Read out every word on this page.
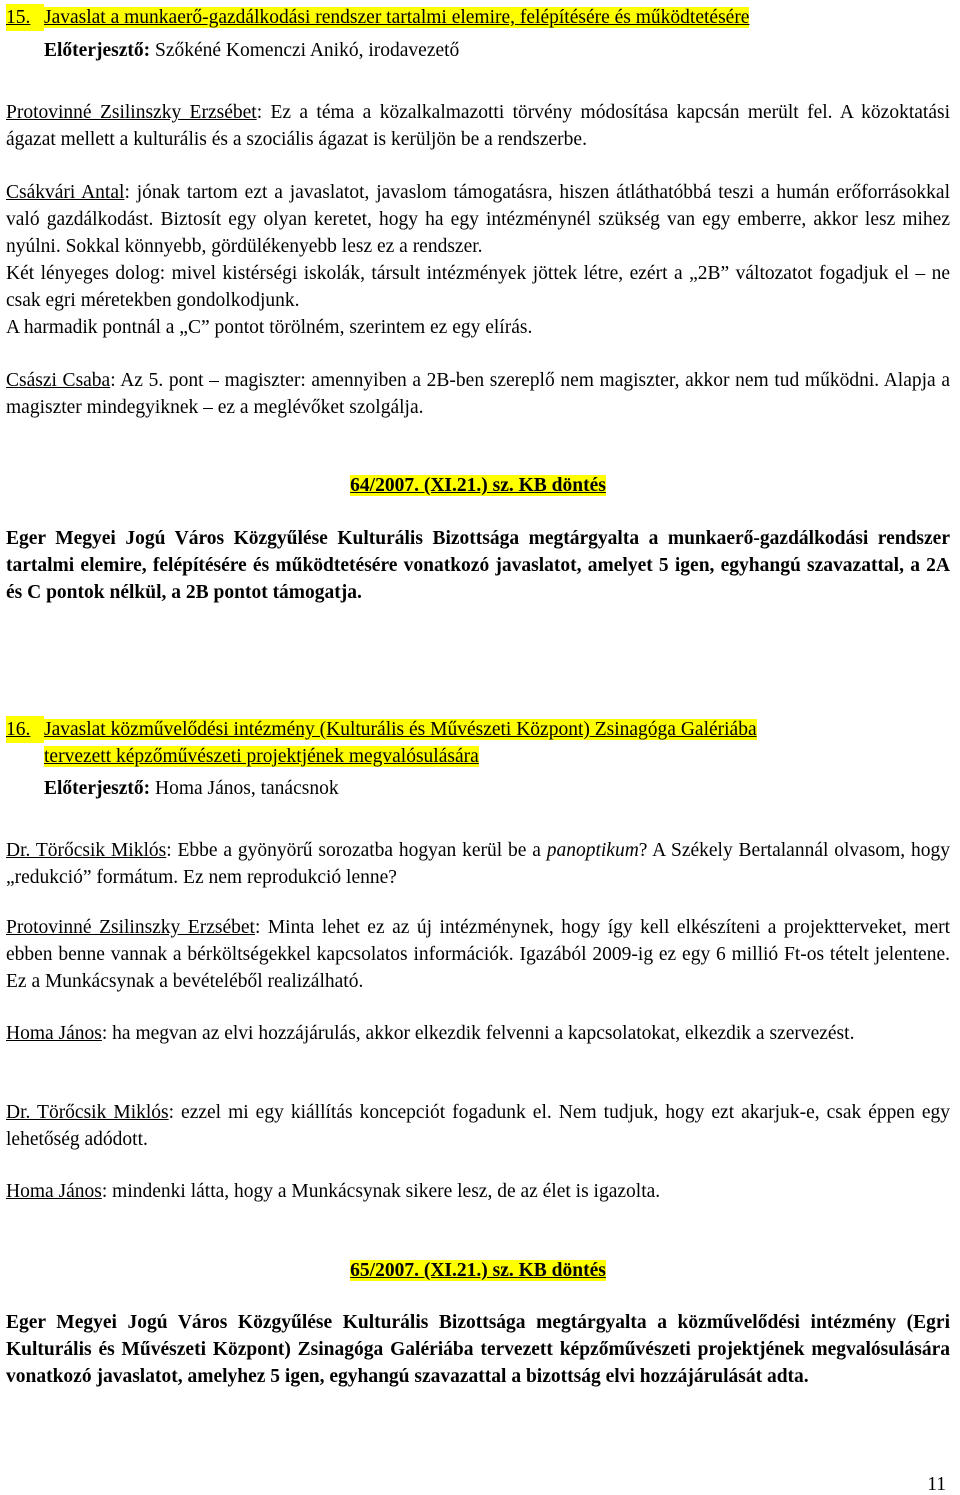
15. Javaslat a munkaerő-gazdálkodási rendszer tartalmi elemire, felépítésére és működtetésére
Előterjesztő: Szőkéné Komenczi Anikó, irodavezető
Protovinné Zsilinszky Erzsébet: Ez a téma a közalkalmazotti törvény módosítása kapcsán merült fel. A közoktatási ágazat mellett a kulturális és a szociális ágazat is kerüljön be a rendszerbe.
Csákvári Antal: jónak tartom ezt a javaslatot, javaslom támogatásra, hiszen átláthatóbbá teszi a humán erőforrásokkal való gazdálkodást. Biztosít egy olyan keretet, hogy ha egy intézménynél szükség van egy emberre, akkor lesz mihez nyúlni. Sokkal könnyebb, gördülékenyebb lesz ez a rendszer.
Két lényeges dolog: mivel kistérségi iskolák, társult intézmények jöttek létre, ezért a „2B” változatot fogadjuk el – ne csak egri méretekben gondolkodjunk.
A harmadik pontnál a „C” pontot törölném, szerintem ez egy elírás.
Császi Csaba: Az 5. pont – magiszter: amennyiben a 2B-ben szereplő nem magiszter, akkor nem tud működni. Alapja a magiszter mindegyiknek – ez a meglévőket szolgálja.
64/2007. (XI.21.) sz. KB döntés
Eger Megyei Jogú Város Közgyűlése Kulturális Bizottsága megtárgyalta a munkaerő-gazdálkodási rendszer tartalmi elemire, felépítésére és működtetésére vonatkozó javaslatot, amelyet 5 igen, egyhangú szavazattal, a 2A és C pontok nélkül, a 2B pontot támogatja.
16. Javaslat közművelődési intézmény (Kulturális és Művészeti Központ) Zsinagóga Galériába
tervezett képzőművészeti projektjének megvalósulására
Előterjesztő: Homa János, tanácsnok
Dr. Törőcsik Miklós: Ebbe a gyönyörű sorozatba hogyan kerül be a panoptikum? A Székely Bertalannál olvasom, hogy „redukció” formátum. Ez nem reprodukció lenne?
Protovinné Zsilinszky Erzsébet: Minta lehet ez az új intézménynek, hogy így kell elkészíteni a projektterveket, mert ebben benne vannak a bérköltségekkel kapcsolatos információk. Igazából 2009-ig ez egy 6 millió Ft-os tételt jelentene. Ez a Munkácsynak a bevételéből realizálható.
Homa János: ha megvan az elvi hozzájárulás, akkor elkezdik felvenni a kapcsolatokat, elkezdik a szervezést.
Dr. Törőcsik Miklós: ezzel mi egy kiállítás koncepciót fogadunk el. Nem tudjuk, hogy ezt akarjuk-e, csak éppen egy lehetőség adódott.
Homa János: mindenki látta, hogy a Munkácsynak sikere lesz, de az élet is igazolta.
65/2007. (XI.21.) sz. KB döntés
Eger Megyei Jogú Város Közgyűlése Kulturális Bizottsága megtárgyalta a közművelődési intézmény (Egri Kulturális és Művészeti Központ) Zsinagóga Galériába tervezett képzőművészeti projektjének megvalósulására vonatkozó javaslatot, amelyhez 5 igen, egyhangú szavazattal a bizottság elvi hozzájárulását adta.
11
